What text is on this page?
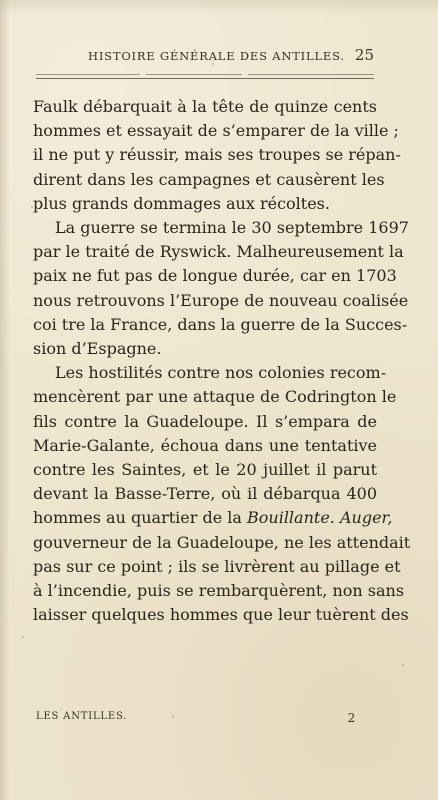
HISTOIRE GÉNÉRALE DES ANTILLES. 25

Faulk débarquait à la tête de quinze cents
hommes et essayait de s’emparer de la ville ;
il ne put y réussir, mais ses troupes se répan-
dirent dans les campagnes et causèrent les
plus grands dommages aux récoltes.

La guerre se termina le 30 septembre 1697
par le traité de Ryswick. Malheureusement la
paix ne fut pas de longue durée, car en 1703
nous retrouvons l’Europe de nouveau coalisée
coi tre la France, dans la guerre de la Succes-
sion d’Espagne.

Les hostilités contre nos colonies recom-
mencèrent par une attaque de Codrington le
fils contre la Guadeloupe. Il s’empara de
Marie-Galante, échoua dans une tentative
contre les Saintes, et le 20 juillet il parut
devant la Basse-Terre, où il débarqua 400
hommes au quartier de la Bouillante. Auger,
gouverneur de la Guadeloupe, ne les attendait
pas sur ce point ; ils se livrèrent au pillage et
à l’incendie, puis se rembarquèrent, non sans
laisser quelques hommes que leur tuèrent des

LES ANTILLES.	2
